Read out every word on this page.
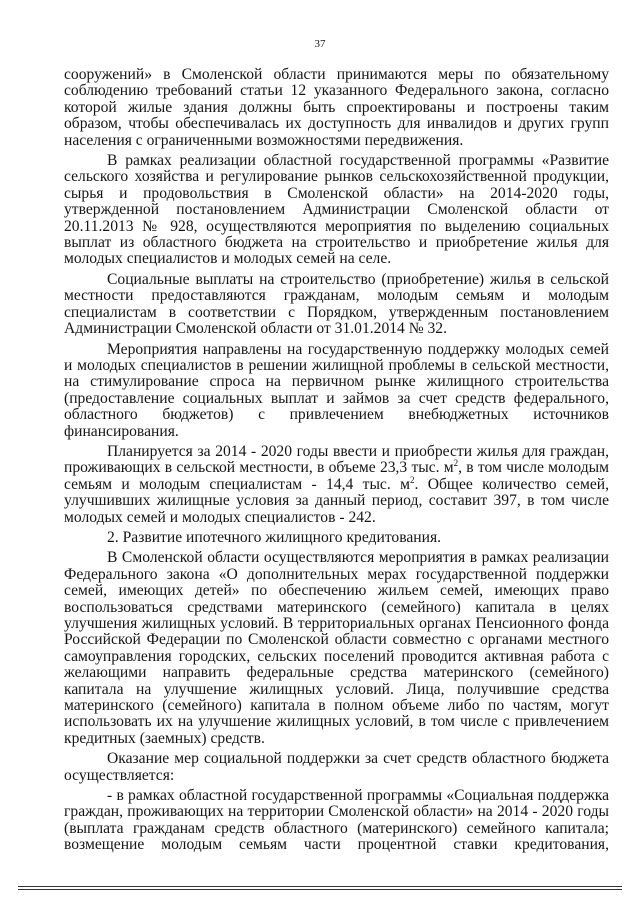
37

сооружений» в Смоленской области принимаются меры по обязательному соблюдению требований статьи 12 указанного Федерального закона, согласно которой жилые здания должны быть спроектированы и построены таким образом, чтобы обеспечивалась их доступность для инвалидов и других групп населения с ограниченными возможностями передвижения.

В рамках реализации областной государственной программы «Развитие сельского хозяйства и регулирование рынков сельскохозяйственной продукции, сырья и продовольствия в Смоленской области» на 2014-2020 годы, утвержденной постановлением Администрации Смоленской области от 20.11.2013 № 928, осуществляются мероприятия по выделению социальных выплат из областного бюджета на строительство и приобретение жилья для молодых специалистов и молодых семей на селе.

Социальные выплаты на строительство (приобретение) жилья в сельской местности предоставляются гражданам, молодым семьям и молодым специалистам в соответствии с Порядком, утвержденным постановлением Администрации Смоленской области от 31.01.2014 № 32.

Мероприятия направлены на государственную поддержку молодых семей и молодых специалистов в решении жилищной проблемы в сельской местности, на стимулирование спроса на первичном рынке жилищного строительства (предоставление социальных выплат и займов за счет средств федерального, областного бюджетов) с привлечением внебюджетных источников финансирования.

Планируется за 2014 - 2020 годы ввести и приобрести жилья для граждан, проживающих в сельской местности, в объеме 23,3 тыс. $м^2$, в том числе молодым семьям и молодым специалистам - 14,4 тыс. $м^2$. Общее количество семей, улучшивших жилищные условия за данный период, составит 397, в том числе молодых семей и молодых специалистов - 242.

2. Развитие ипотечного жилищного кредитования.

В Смоленской области осуществляются мероприятия в рамках реализации Федерального закона «О дополнительных мерах государственной поддержки семей, имеющих детей» по обеспечению жильем семей, имеющих право воспользоваться средствами материнского (семейного) капитала в целях улучшения жилищных условий. В территориальных органах Пенсионного фонда Российской Федерации по Смоленской области совместно с органами местного самоуправления городских, сельских поселений проводится активная работа с желающими направить федеральные средства материнского (семейного) капитала на улучшение жилищных условий. Лица, получившие средства материнского (семейного) капитала в полном объеме либо по частям, могут использовать их на улучшение жилищных условий, в том числе с привлечением кредитных (заемных) средств.

Оказание мер социальной поддержки за счет средств областного бюджета осуществляется:

- в рамках областной государственной программы «Социальная поддержка граждан, проживающих на территории Смоленской области» на 2014 - 2020 годы (выплата гражданам средств областного (материнского) семейного капитала; возмещение молодым семьям части процентной ставки кредитования,
